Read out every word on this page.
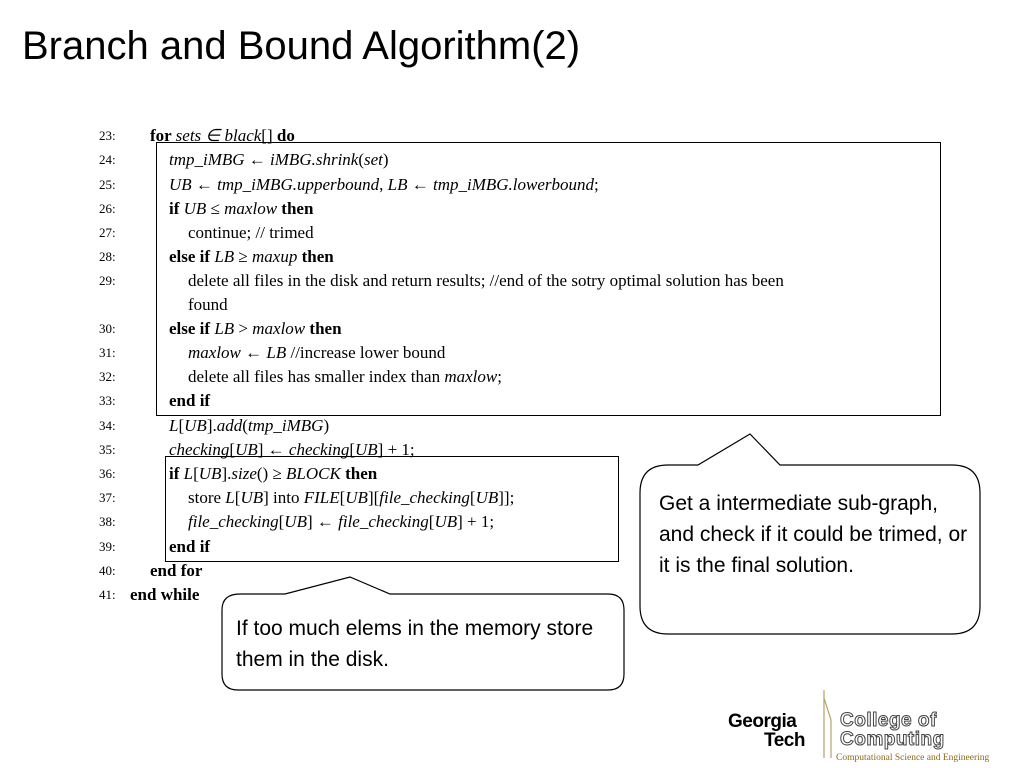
Branch and Bound Algorithm(2)
23:	for sets ∈ black[] do
24:	tmp_iMBG ← iMBG.shrink(set)
25:	UB ← tmp_iMBG.upperbound, LB ← tmp_iMBG.lowerbound;
26:	if UB ≤ maxlow then
27:	continue; // trimed
28:	else if LB ≥ maxup then
29:	delete all files in the disk and return results; //end of the sotry optimal solution has been
found
30:	else if LB > maxlow then
31:	maxlow ← LB //increase lower bound
32:	delete all files has smaller index than maxlow;
33:	end if
34:	L[UB].add(tmp_iMBG)
35:	checking[UB] ← checking[UB] + 1;
36:	if L[UB].size() ≥ BLOCK then
37:	store L[UB] into FILE[UB][file_checking[UB]];
38:	file_checking[UB] ← file_checking[UB] + 1;
39:	end if
40:	end for
41: end while
Get a intermediate sub-graph, and check if it could be trimed, or it is the final solution.
If too much elems in the memory store them in the disk.
Georgia
Tech
College of
Computing
Computational Science and Engineering
